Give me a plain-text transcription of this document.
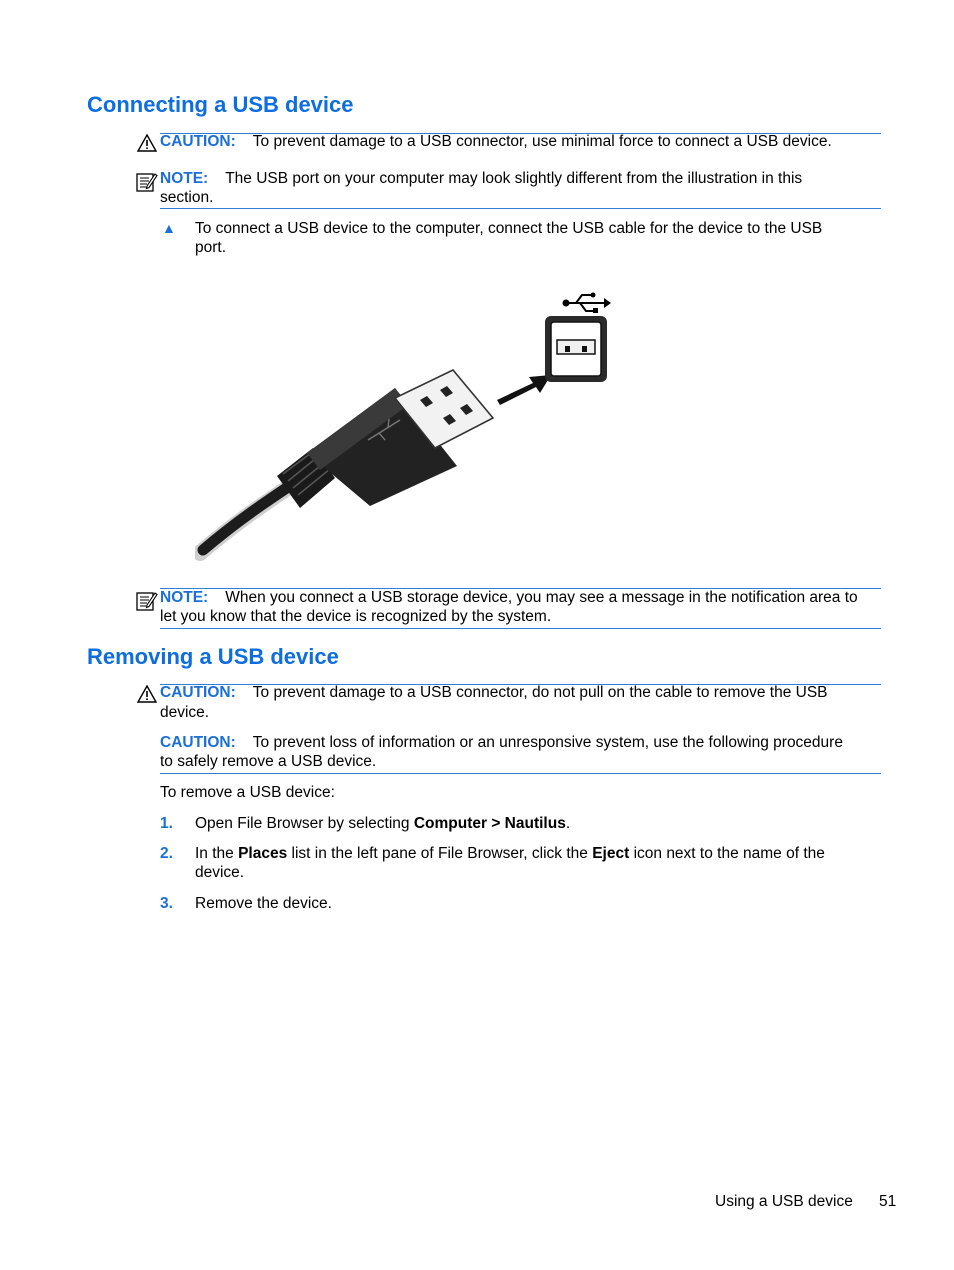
Connecting a USB device
CAUTION: To prevent damage to a USB connector, use minimal force to connect a USB device.
NOTE: The USB port on your computer may look slightly different from the illustration in this
section.
▲ To connect a USB device to the computer, connect the USB cable for the device to the USB
port.
NOTE: When you connect a USB storage device, you may see a message in the notification area to
let you know that the device is recognized by the system.
Removing a USB device
CAUTION: To prevent damage to a USB connector, do not pull on the cable to remove the USB
device.
CAUTION: To prevent loss of information or an unresponsive system, use the following procedure
to safely remove a USB device.
To remove a USB device:
1. Open File Browser by selecting Computer > Nautilus.
2. In the Places list in the left pane of File Browser, click the Eject icon next to the name of the
device.
3. Remove the device.
Using a USB device 51
